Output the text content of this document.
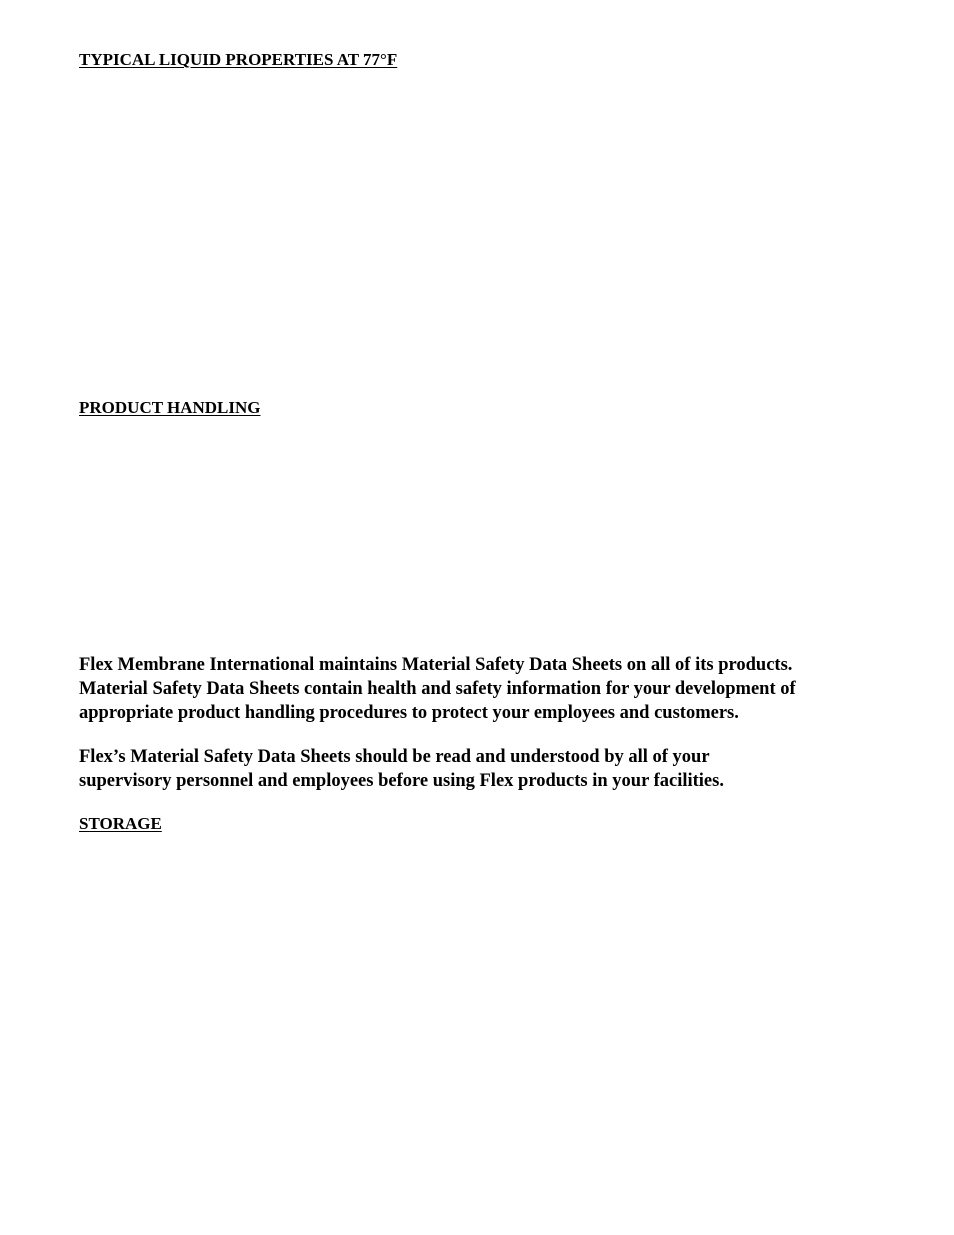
TYPICAL LIQUID PROPERTIES AT 77°F
PRODUCT HANDLING

Flex Membrane International maintains Material Safety Data Sheets on all of its products.
Material Safety Data Sheets contain health and safety information for your development of
appropriate product handling procedures to protect your employees and customers.

Flex’s Material Safety Data Sheets should be read and understood by all of your
supervisory personnel and employees before using Flex products in your facilities.

STORAGE
